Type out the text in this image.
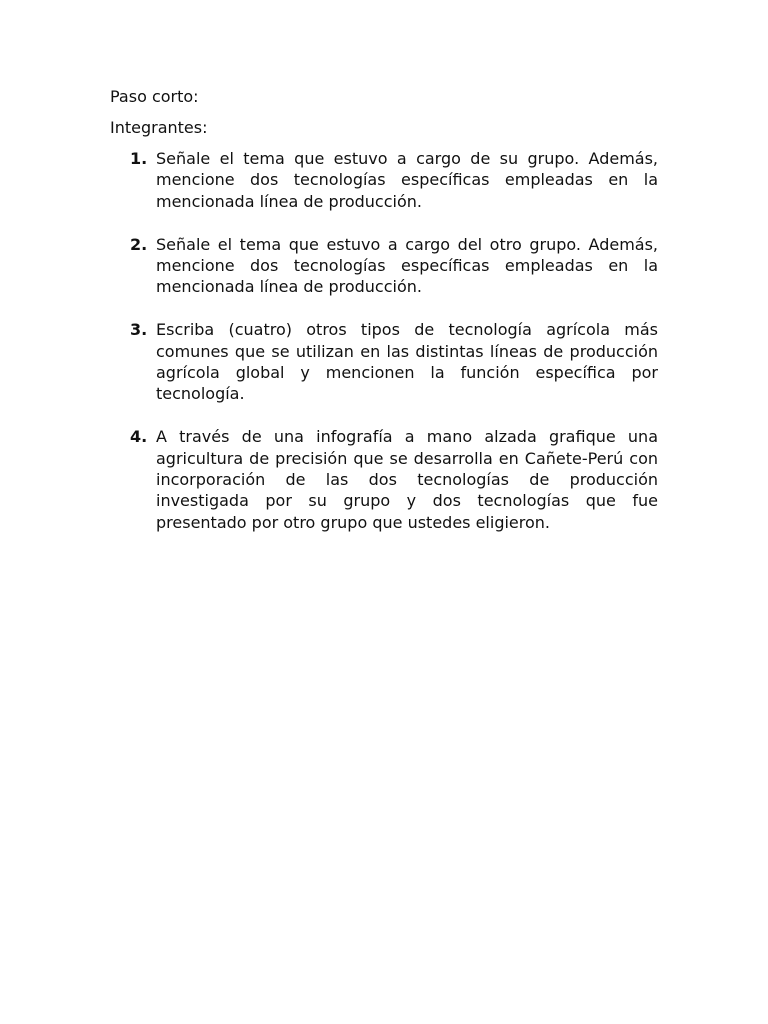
Paso corto:
Integrantes:
1. Señale el tema que estuvo a cargo de su grupo. Además, mencione dos tecnologías específicas empleadas en la mencionada línea de producción.
2. Señale el tema que estuvo a cargo del otro grupo. Además, mencione dos tecnologías específicas empleadas en la mencionada línea de producción.
3. Escriba (cuatro) otros tipos de tecnología agrícola más comunes que se utilizan en las distintas líneas de producción agrícola global y mencionen la función específica por tecnología.
4. A través de una infografía a mano alzada grafique una agricultura de precisión que se desarrolla en Cañete-Perú con incorporación de las dos tecnologías de producción investigada por su grupo y dos tecnologías que fue presentado por otro grupo que ustedes eligieron.
